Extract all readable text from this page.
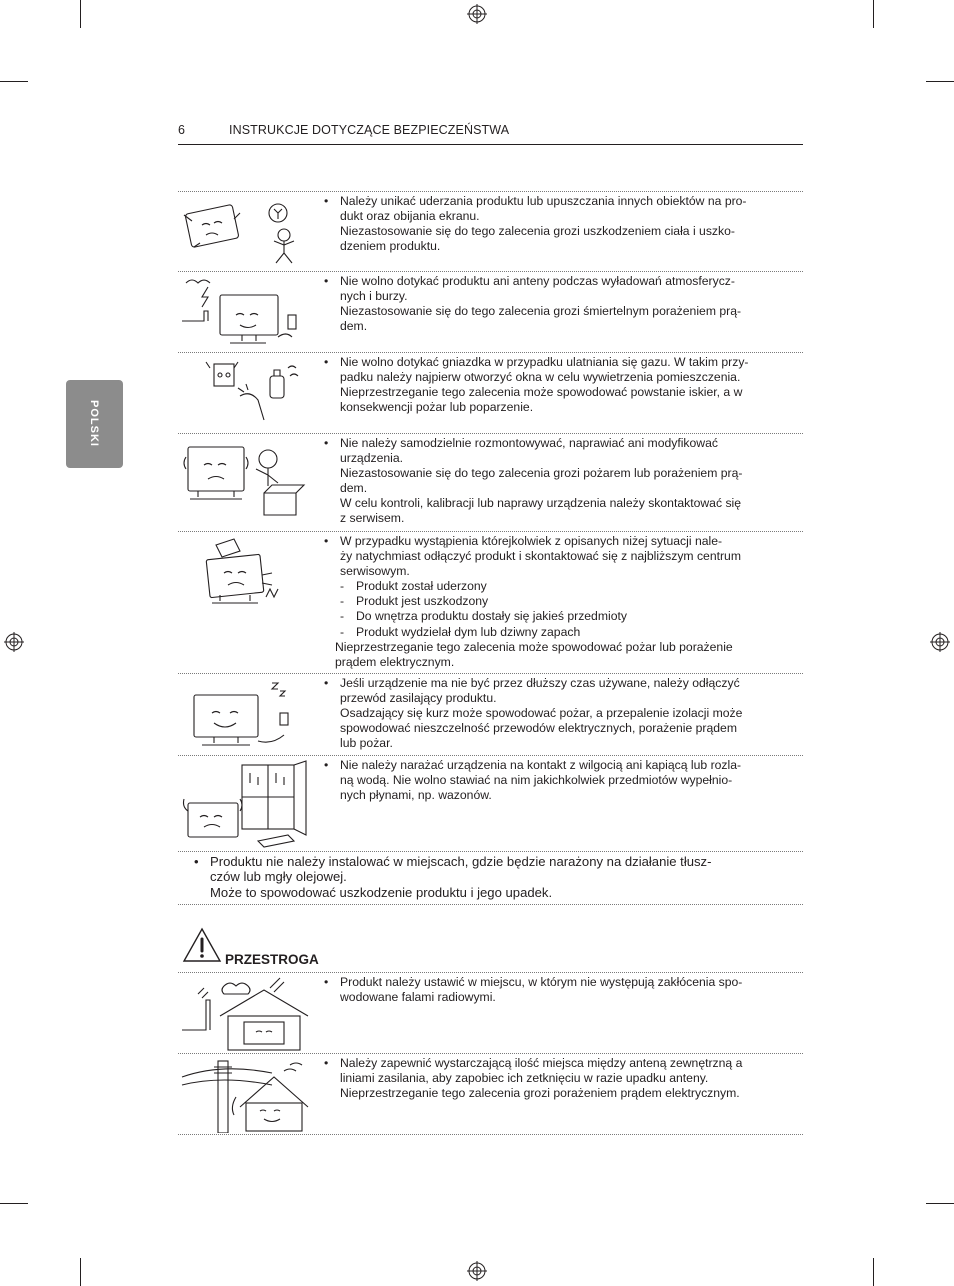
6	INSTRUKCJE DOTYCZĄCE BEZPIECZEŃSTWA
POLSKI

• Należy unikać uderzania produktu lub upuszczania innych obiektów na pro-

dukt oraz obijania ekranu.

Niezastosowanie się do tego zalecenia grozi uszkodzeniem ciała i uszko-

dzeniem produktu.

• Nie wolno dotykać produktu ani anteny podczas wyładowań atmosferycz-

nych i burzy.

Niezastosowanie się do tego zalecenia grozi śmiertelnym porażeniem prą-

dem.

• Nie wolno dotykać gniazdka w przypadku ulatniania się gazu. W takim przy-

padku należy najpierw otworzyć okna w celu wywietrzenia pomieszczenia.

Nieprzestrzeganie tego zalecenia może spowodować powstanie iskier, a w

konsekwencji pożar lub poparzenie.

• Nie należy samodzielnie rozmontowywać, naprawiać ani modyfikować

urządzenia.

Niezastosowanie się do tego zalecenia grozi pożarem lub porażeniem prą-

dem.

W celu kontroli, kalibracji lub naprawy urządzenia należy skontaktować się

z serwisem.

• W przypadku wystąpienia którejkolwiek z opisanych niżej sytuacji nale-

ży natychmiast odłączyć produkt i skontaktować się z najbliższym centrum

serwisowym.

- Produkt został uderzony

- Produkt jest uszkodzony

- Do wnętrza produktu dostały się jakieś przedmioty

- Produkt wydzielał dym lub dziwny zapach

Nieprzestrzeganie tego zalecenia może spowodować pożar lub porażenie

prądem elektrycznym.

• Jeśli urządzenie ma nie być przez dłuższy czas używane, należy odłączyć

przewód zasilający produktu.

Osadzający się kurz może spowodować pożar, a przepalenie izolacji może

spowodować nieszczelność przewodów elektrycznych, porażenie prądem

lub pożar.

• Nie należy narażać urządzenia na kontakt z wilgocią ani kapiącą lub rozla-

ną wodą. Nie wolno stawiać na nim jakichkolwiek przedmiotów wypełnio-

nych płynami, np. wazonów.

• Produktu nie należy instalować w miejscach, gdzie będzie narażony na działanie tłusz-

czów lub mgły olejowej.

Może to spowodować uszkodzenie produktu i jego upadek.

PRZESTROGA

• Produkt należy ustawić w miejscu, w którym nie występują zakłócenia spo-

wodowane falami radiowymi.

• Należy zapewnić wystarczającą ilość miejsca między anteną zewnętrzną a

liniami zasilania, aby zapobiec ich zetknięciu w razie upadku anteny.

Nieprzestrzeganie tego zalecenia grozi porażeniem prądem elektrycznym.
